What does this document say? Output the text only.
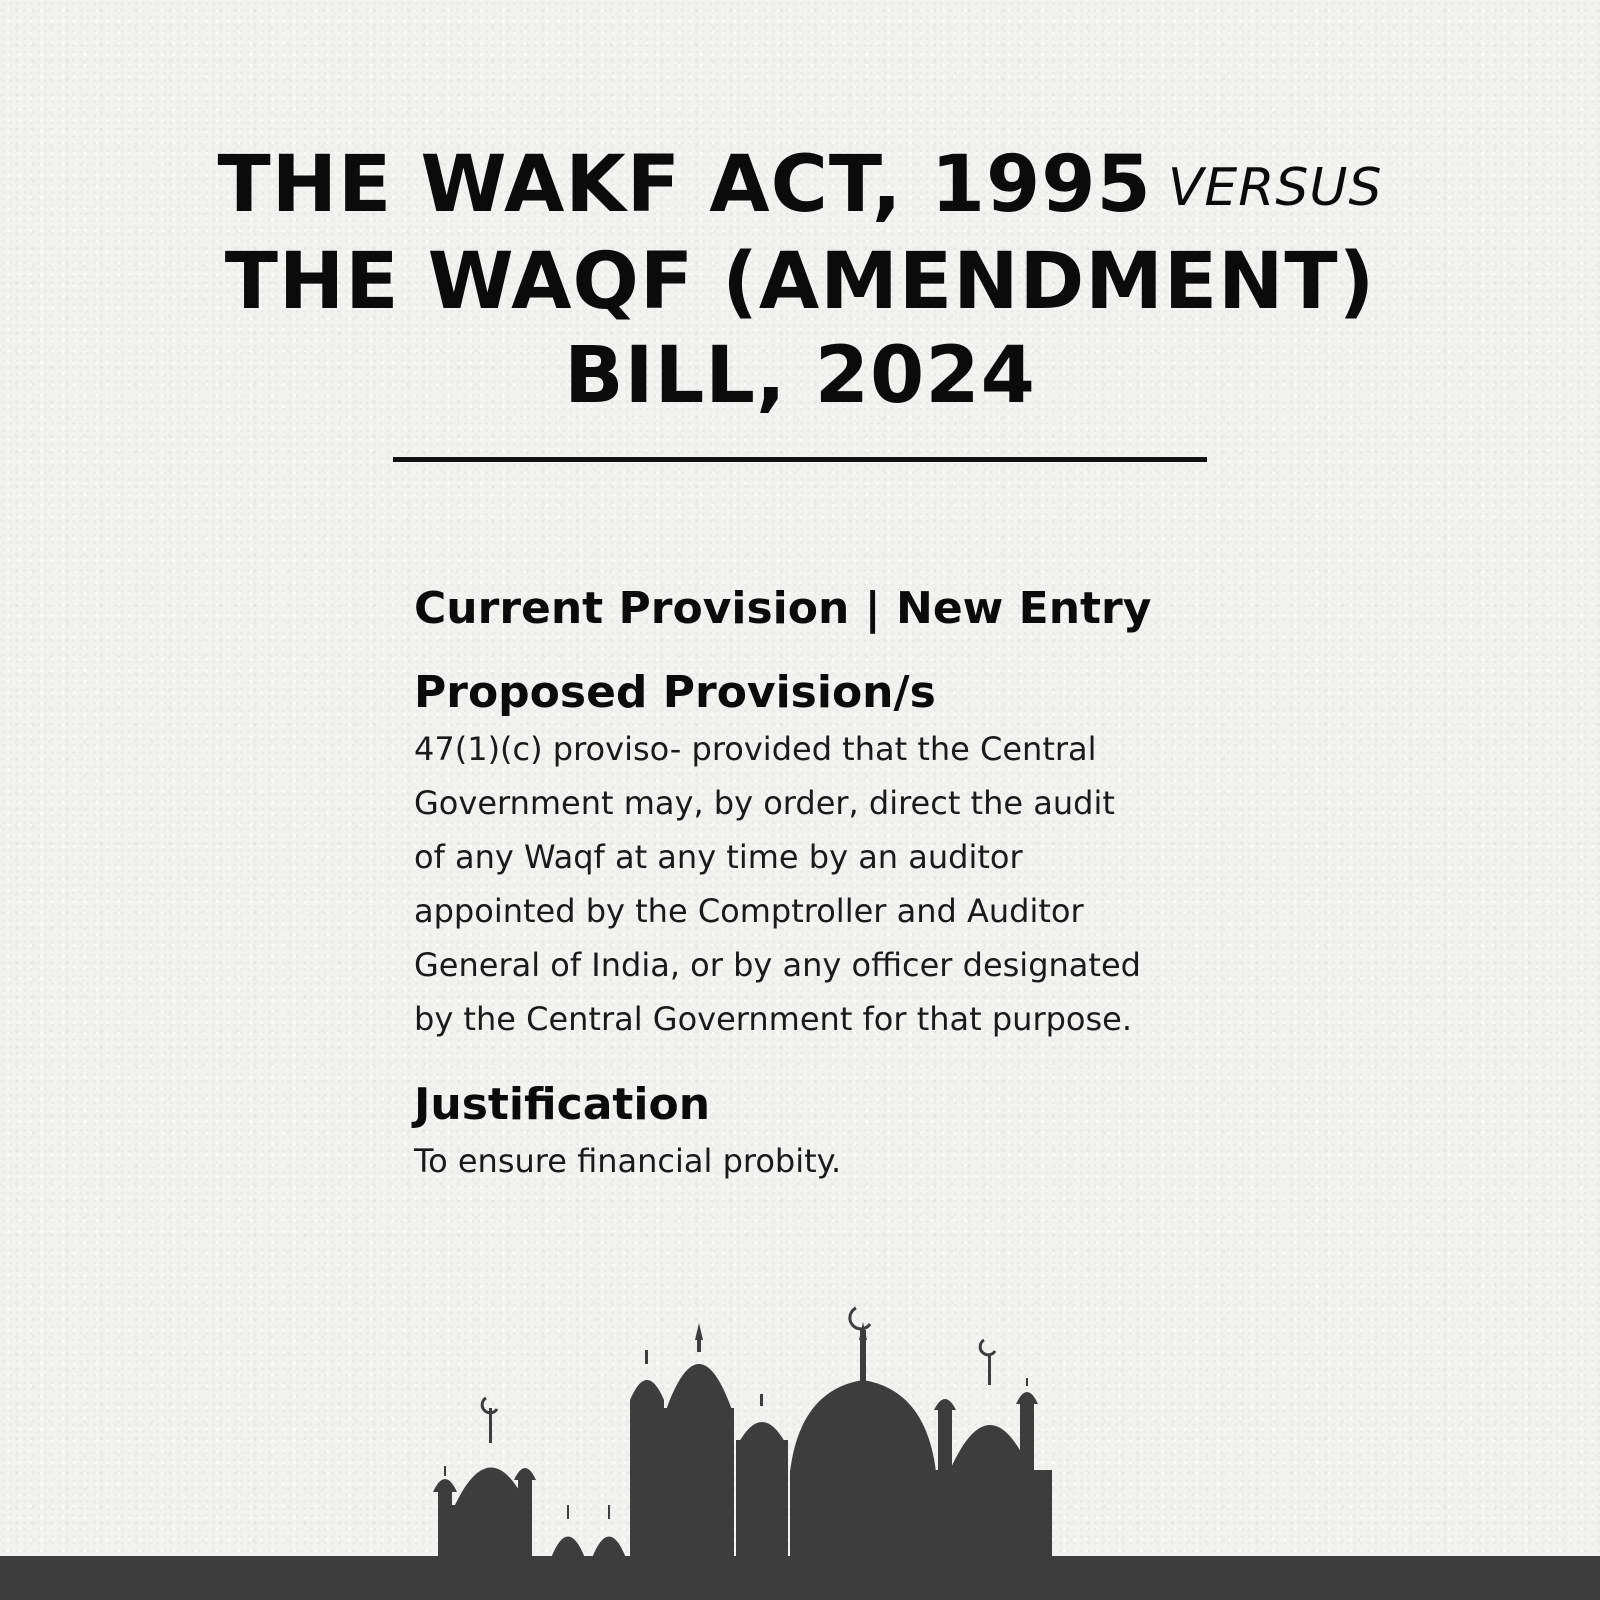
THE WAKF ACT, 1995 VERSUS
THE WAQF (AMENDMENT)
BILL, 2024
Current Provision | New Entry
Proposed Provision/s

47(1)(c) proviso- provided that the Central
Government may, by order, direct the audit
of any Waqf at any time by an auditor
appointed by the Comptroller and Auditor
General of India, or by any officer designated
by the Central Government for that purpose.

Justification

To ensure financial probity.
